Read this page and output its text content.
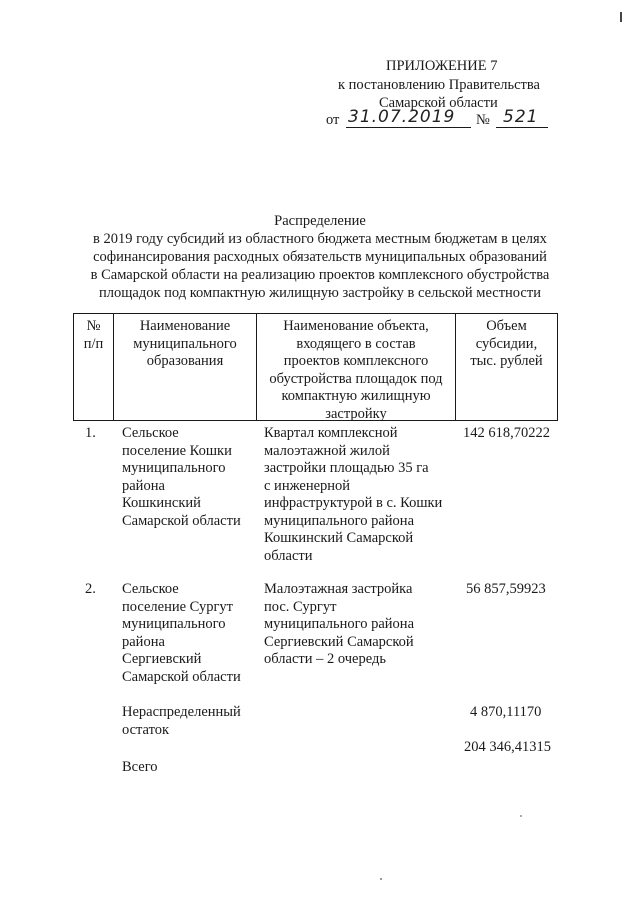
ПРИЛОЖЕНИЕ 7
к постановлению Правительства
Самарской области
от 31.07.2019 № 521
Распределение
в 2019 году субсидий из областного бюджета местным бюджетам в целях
софинансирования расходных обязательств муниципальных образований
в Самарской области на реализацию проектов комплексного обустройства
площадок под компактную жилищную застройку в сельской местности
№
п/п
Наименование
муниципального
образования
Наименование объекта,
входящего в состав
проектов комплексного
обустройства площадок под
компактную жилищную
застройку
Объем
субсидии,
тыс. рублей
1. Сельское
поселение Кошки
муниципального
района
Кошкинский
Самарской области
Квартал комплексной
малоэтажной жилой
застройки площадью 35 га
с инженерной
инфраструктурой в с. Кошки
муниципального района
Кошкинский Самарской
области
142 618,70222
2. Сельское
поселение Сургут
муниципального
района
Сергиевский
Самарской области
Малоэтажная застройка
пос. Сургут
муниципального района
Сергиевский Самарской
области – 2 очередь
56 857,59923
Нераспределенный
остаток
4 870,11170
204 346,41315
Всего
